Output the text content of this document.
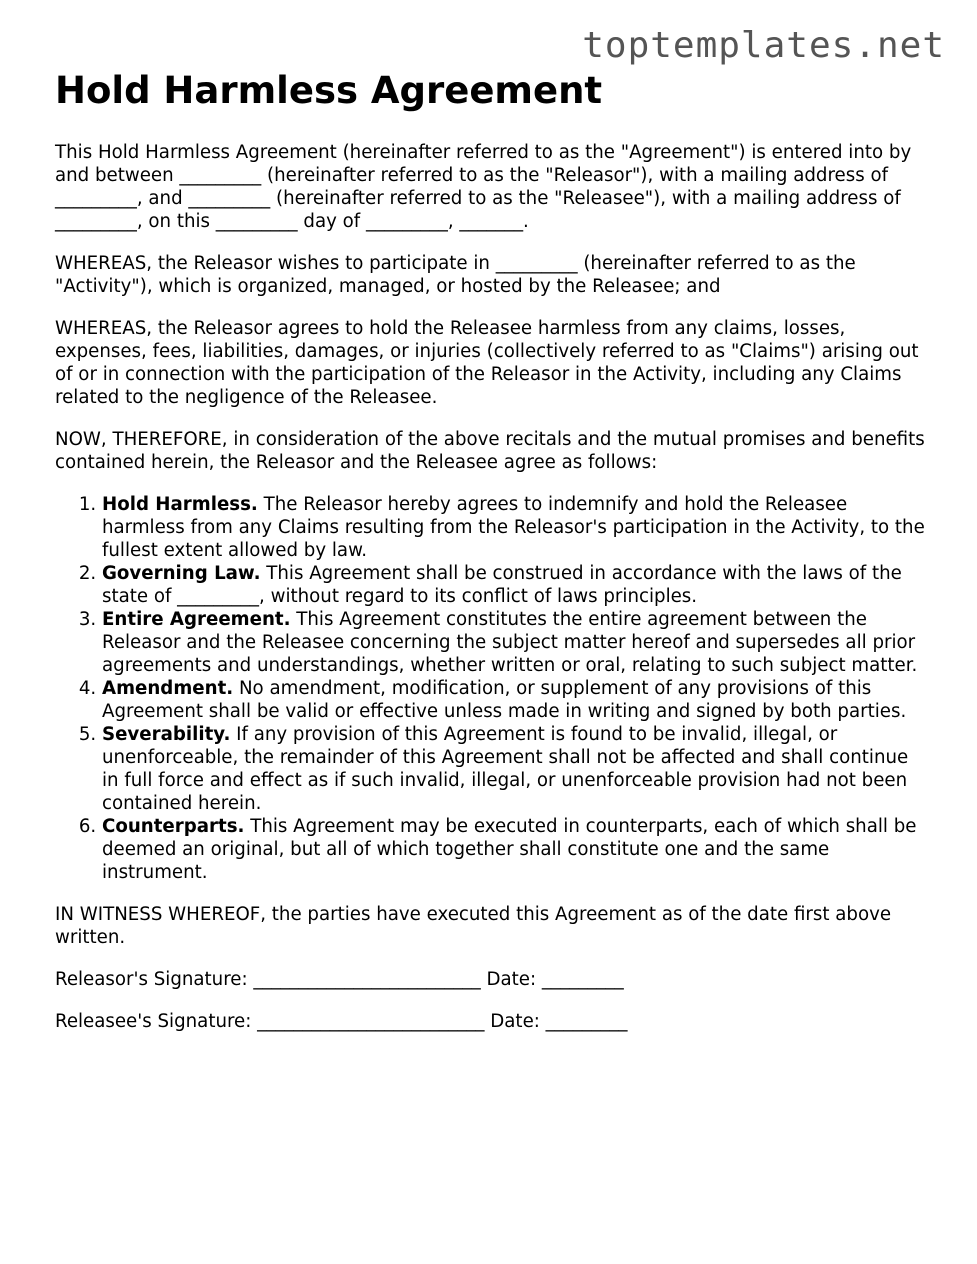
toptemplates.net
Hold Harmless Agreement

This Hold Harmless Agreement (hereinafter referred to as the "Agreement") is entered into by and between _________ (hereinafter referred to as the "Releasor"), with a mailing address of _________, and _________ (hereinafter referred to as the "Releasee"), with a mailing address of _________, on this _________ day of _________, _______.

WHEREAS, the Releasor wishes to participate in _________ (hereinafter referred to as the "Activity"), which is organized, managed, or hosted by the Releasee; and

WHEREAS, the Releasor agrees to hold the Releasee harmless from any claims, losses, expenses, fees, liabilities, damages, or injuries (collectively referred to as "Claims") arising out of or in connection with the participation of the Releasor in the Activity, including any Claims related to the negligence of the Releasee.

NOW, THEREFORE, in consideration of the above recitals and the mutual promises and benefits contained herein, the Releasor and the Releasee agree as follows:

1. Hold Harmless. The Releasor hereby agrees to indemnify and hold the Releasee harmless from any Claims resulting from the Releasor's participation in the Activity, to the fullest extent allowed by law.
2. Governing Law. This Agreement shall be construed in accordance with the laws of the state of _________, without regard to its conflict of laws principles.
3. Entire Agreement. This Agreement constitutes the entire agreement between the Releasor and the Releasee concerning the subject matter hereof and supersedes all prior agreements and understandings, whether written or oral, relating to such subject matter.
4. Amendment. No amendment, modification, or supplement of any provisions of this Agreement shall be valid or effective unless made in writing and signed by both parties.
5. Severability. If any provision of this Agreement is found to be invalid, illegal, or unenforceable, the remainder of this Agreement shall not be affected and shall continue in full force and effect as if such invalid, illegal, or unenforceable provision had not been contained herein.
6. Counterparts. This Agreement may be executed in counterparts, each of which shall be deemed an original, but all of which together shall constitute one and the same instrument.

IN WITNESS WHEREOF, the parties have executed this Agreement as of the date first above written.

Releasor's Signature: _________________________ Date: _________

Releasee's Signature: _________________________ Date: _________
